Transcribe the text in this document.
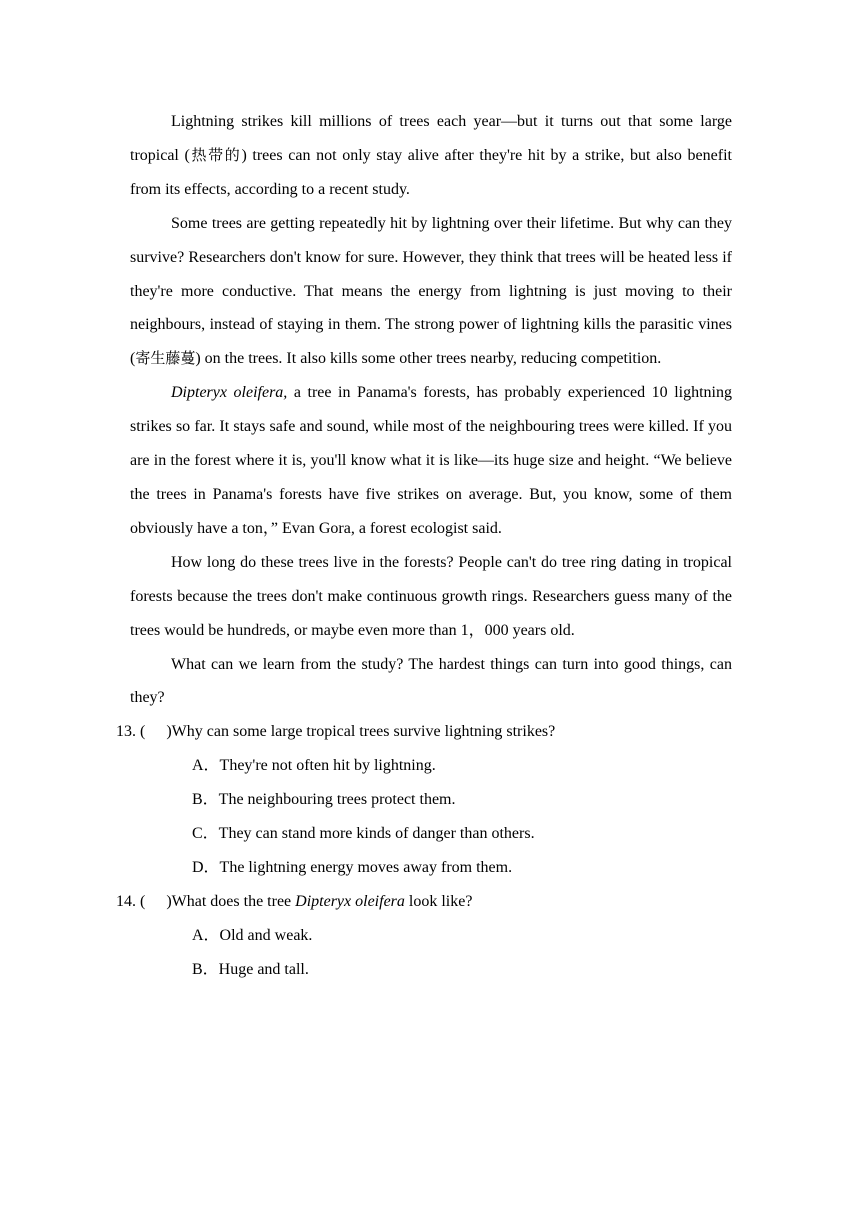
Lightning strikes kill millions of trees each year—but it turns out that some large tropical (热带的) trees can not only stay alive after they're hit by a strike, but also benefit from its effects, according to a recent study.

Some trees are getting repeatedly hit by lightning over their lifetime. But why can they survive? Researchers don't know for sure. However, they think that trees will be heated less if they're more conductive. That means the energy from lightning is just moving to their neighbours, instead of staying in them. The strong power of lightning kills the parasitic vines (寄生藤蔓) on the trees. It also kills some other trees nearby, reducing competition.

Dipteryx oleifera, a tree in Panama's forests, has probably experienced 10 lightning strikes so far. It stays safe and sound, while most of the neighbouring trees were killed. If you are in the forest where it is, you'll know what it is like—its huge size and height. “We believe the trees in Panama's forests have five strikes on average. But, you know, some of them obviously have a ton，” Evan Gora, a forest ecologist said.

How long do these trees live in the forests? People can't do tree ring dating in tropical forests because the trees don't make continuous growth rings. Researchers guess many of the trees would be hundreds, or maybe even more than 1，000 years old.

What can we learn from the study? The hardest things can turn into good things, can they?

13. ( )Why can some large tropical trees survive lightning strikes?

A．They're not often hit by lightning.

B．The neighbouring trees protect them.

C．They can stand more kinds of danger than others.

D．The lightning energy moves away from them.

14. ( )What does the tree Dipteryx oleifera look like?

A．Old and weak.

B．Huge and tall.
